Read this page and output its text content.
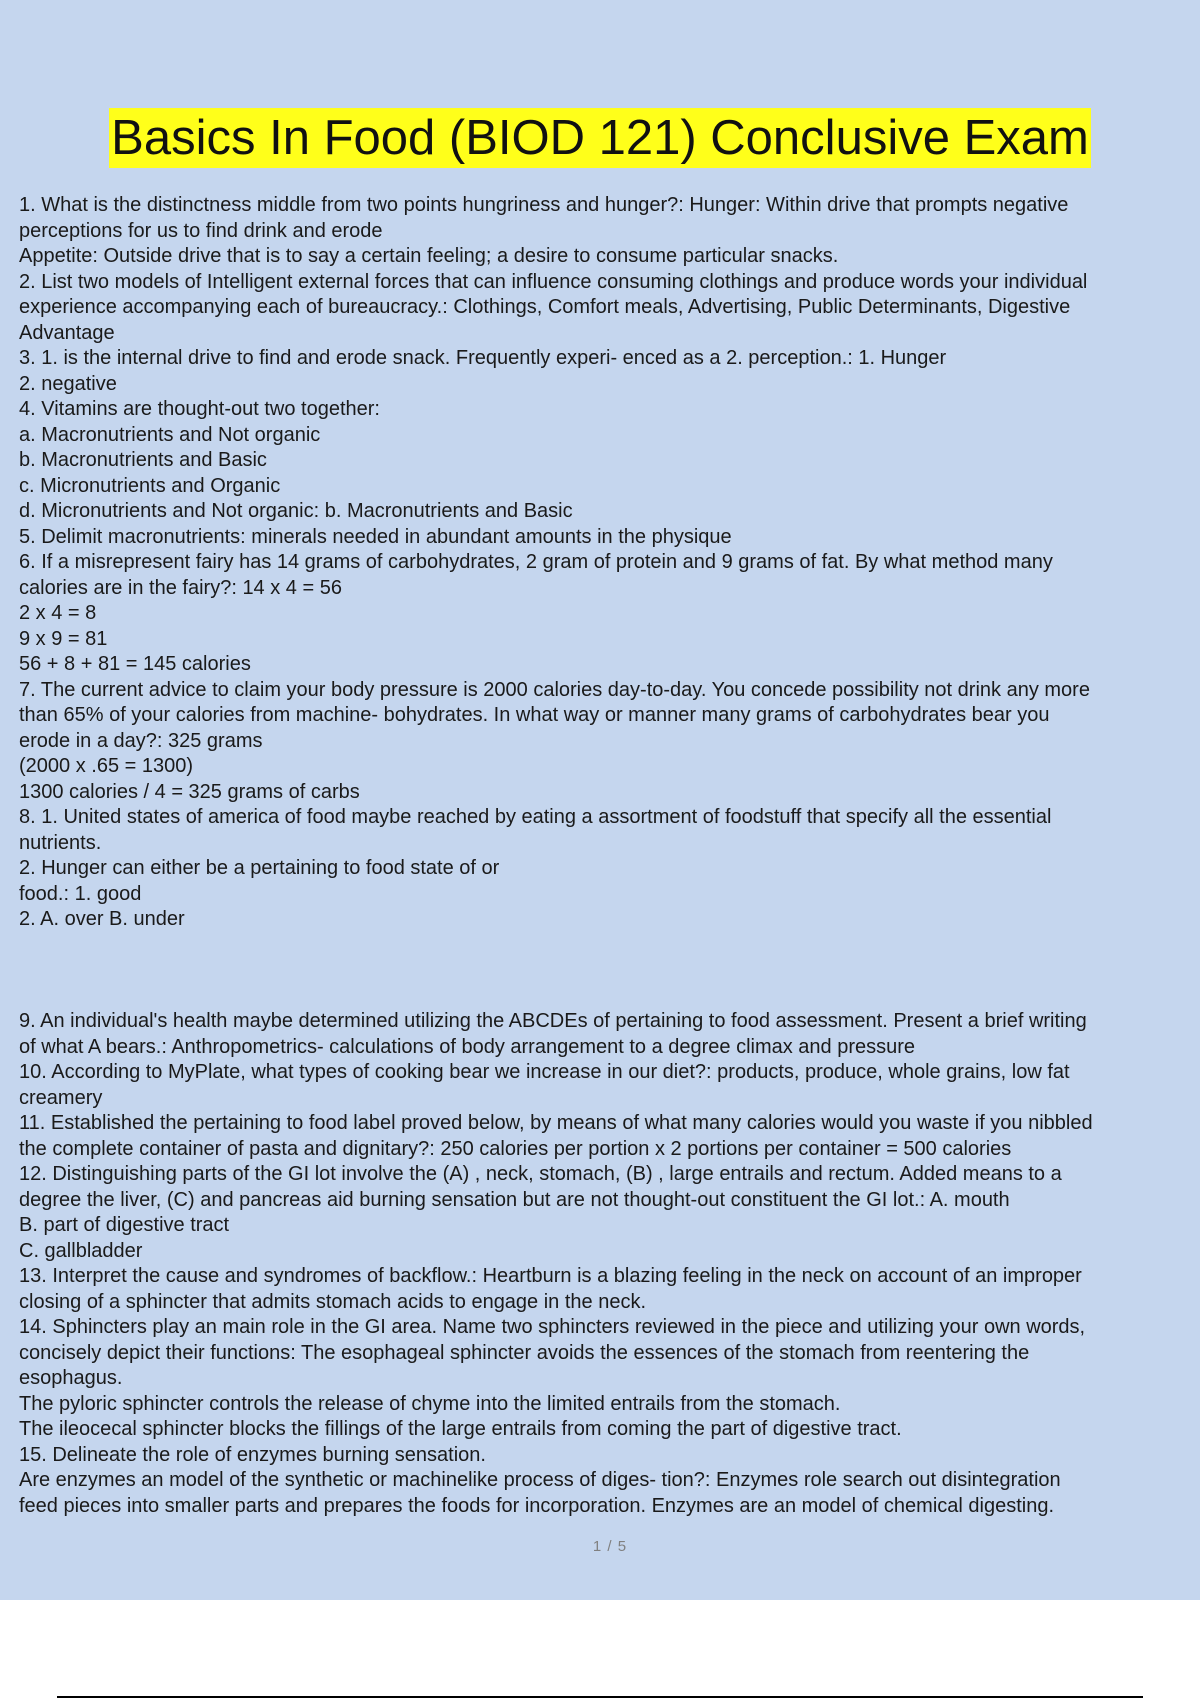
Basics In Food (BIOD 121) Conclusive Exam
1. What is the distinctness middle from two points hungriness and hunger?: Hunger: Within drive that prompts negative
perceptions for us to find drink and erode
Appetite: Outside drive that is to say a certain feeling; a desire to consume particular snacks.
2. List two models of Intelligent external forces that can influence consuming clothings and produce words your individual
experience accompanying each of bureaucracy.: Clothings, Comfort meals, Advertising, Public Determinants, Digestive
Advantage
3. 1. is the internal drive to find and erode snack. Frequently experi- enced as a 2. perception.: 1. Hunger
2. negative
4. Vitamins are thought-out two together:
a. Macronutrients and Not organic
b. Macronutrients and Basic
c. Micronutrients and Organic
d. Micronutrients and Not organic: b. Macronutrients and Basic
5. Delimit macronutrients: minerals needed in abundant amounts in the physique
6. If a misrepresent fairy has 14 grams of carbohydrates, 2 gram of protein and 9 grams of fat. By what method many
calories are in the fairy?: 14 x 4 = 56
2 x 4 = 8
9 x 9 = 81
56 + 8 + 81 = 145 calories
7. The current advice to claim your body pressure is 2000 calories day-to-day. You concede possibility not drink any more
than 65% of your calories from machine- bohydrates. In what way or manner many grams of carbohydrates bear you
erode in a day?: 325 grams
(2000 x .65 = 1300)
1300 calories / 4 = 325 grams of carbs
8. 1. United states of america of food maybe reached by eating a assortment of foodstuff that specify all the essential
nutrients.
2. Hunger can either be a pertaining to food state of or
food.: 1. good
2. A. over B. under
9. An individual's health maybe determined utilizing the ABCDEs of pertaining to food assessment. Present a brief writing
of what A bears.: Anthropometrics- calculations of body arrangement to a degree climax and pressure
10. According to MyPlate, what types of cooking bear we increase in our diet?: products, produce, whole grains, low fat
creamery
11. Established the pertaining to food label proved below, by means of what many calories would you waste if you nibbled
the complete container of pasta and dignitary?: 250 calories per portion x 2 portions per container = 500 calories
12. Distinguishing parts of the GI lot involve the (A) , neck, stomach, (B) , large entrails and rectum. Added means to a
degree the liver, (C) and pancreas aid burning sensation but are not thought-out constituent the GI lot.: A. mouth
B. part of digestive tract
C. gallbladder
13. Interpret the cause and syndromes of backflow.: Heartburn is a blazing feeling in the neck on account of an improper
closing of a sphincter that admits stomach acids to engage in the neck.
14. Sphincters play an main role in the GI area. Name two sphincters reviewed in the piece and utilizing your own words,
concisely depict their functions: The esophageal sphincter avoids the essences of the stomach from reentering the
esophagus.
The pyloric sphincter controls the release of chyme into the limited entrails from the stomach.
The ileocecal sphincter blocks the fillings of the large entrails from coming the part of digestive tract.
15. Delineate the role of enzymes burning sensation.
Are enzymes an model of the synthetic or machinelike process of diges- tion?: Enzymes role search out disintegration
feed pieces into smaller parts and prepares the foods for incorporation. Enzymes are an model of chemical digesting.
1 / 5
